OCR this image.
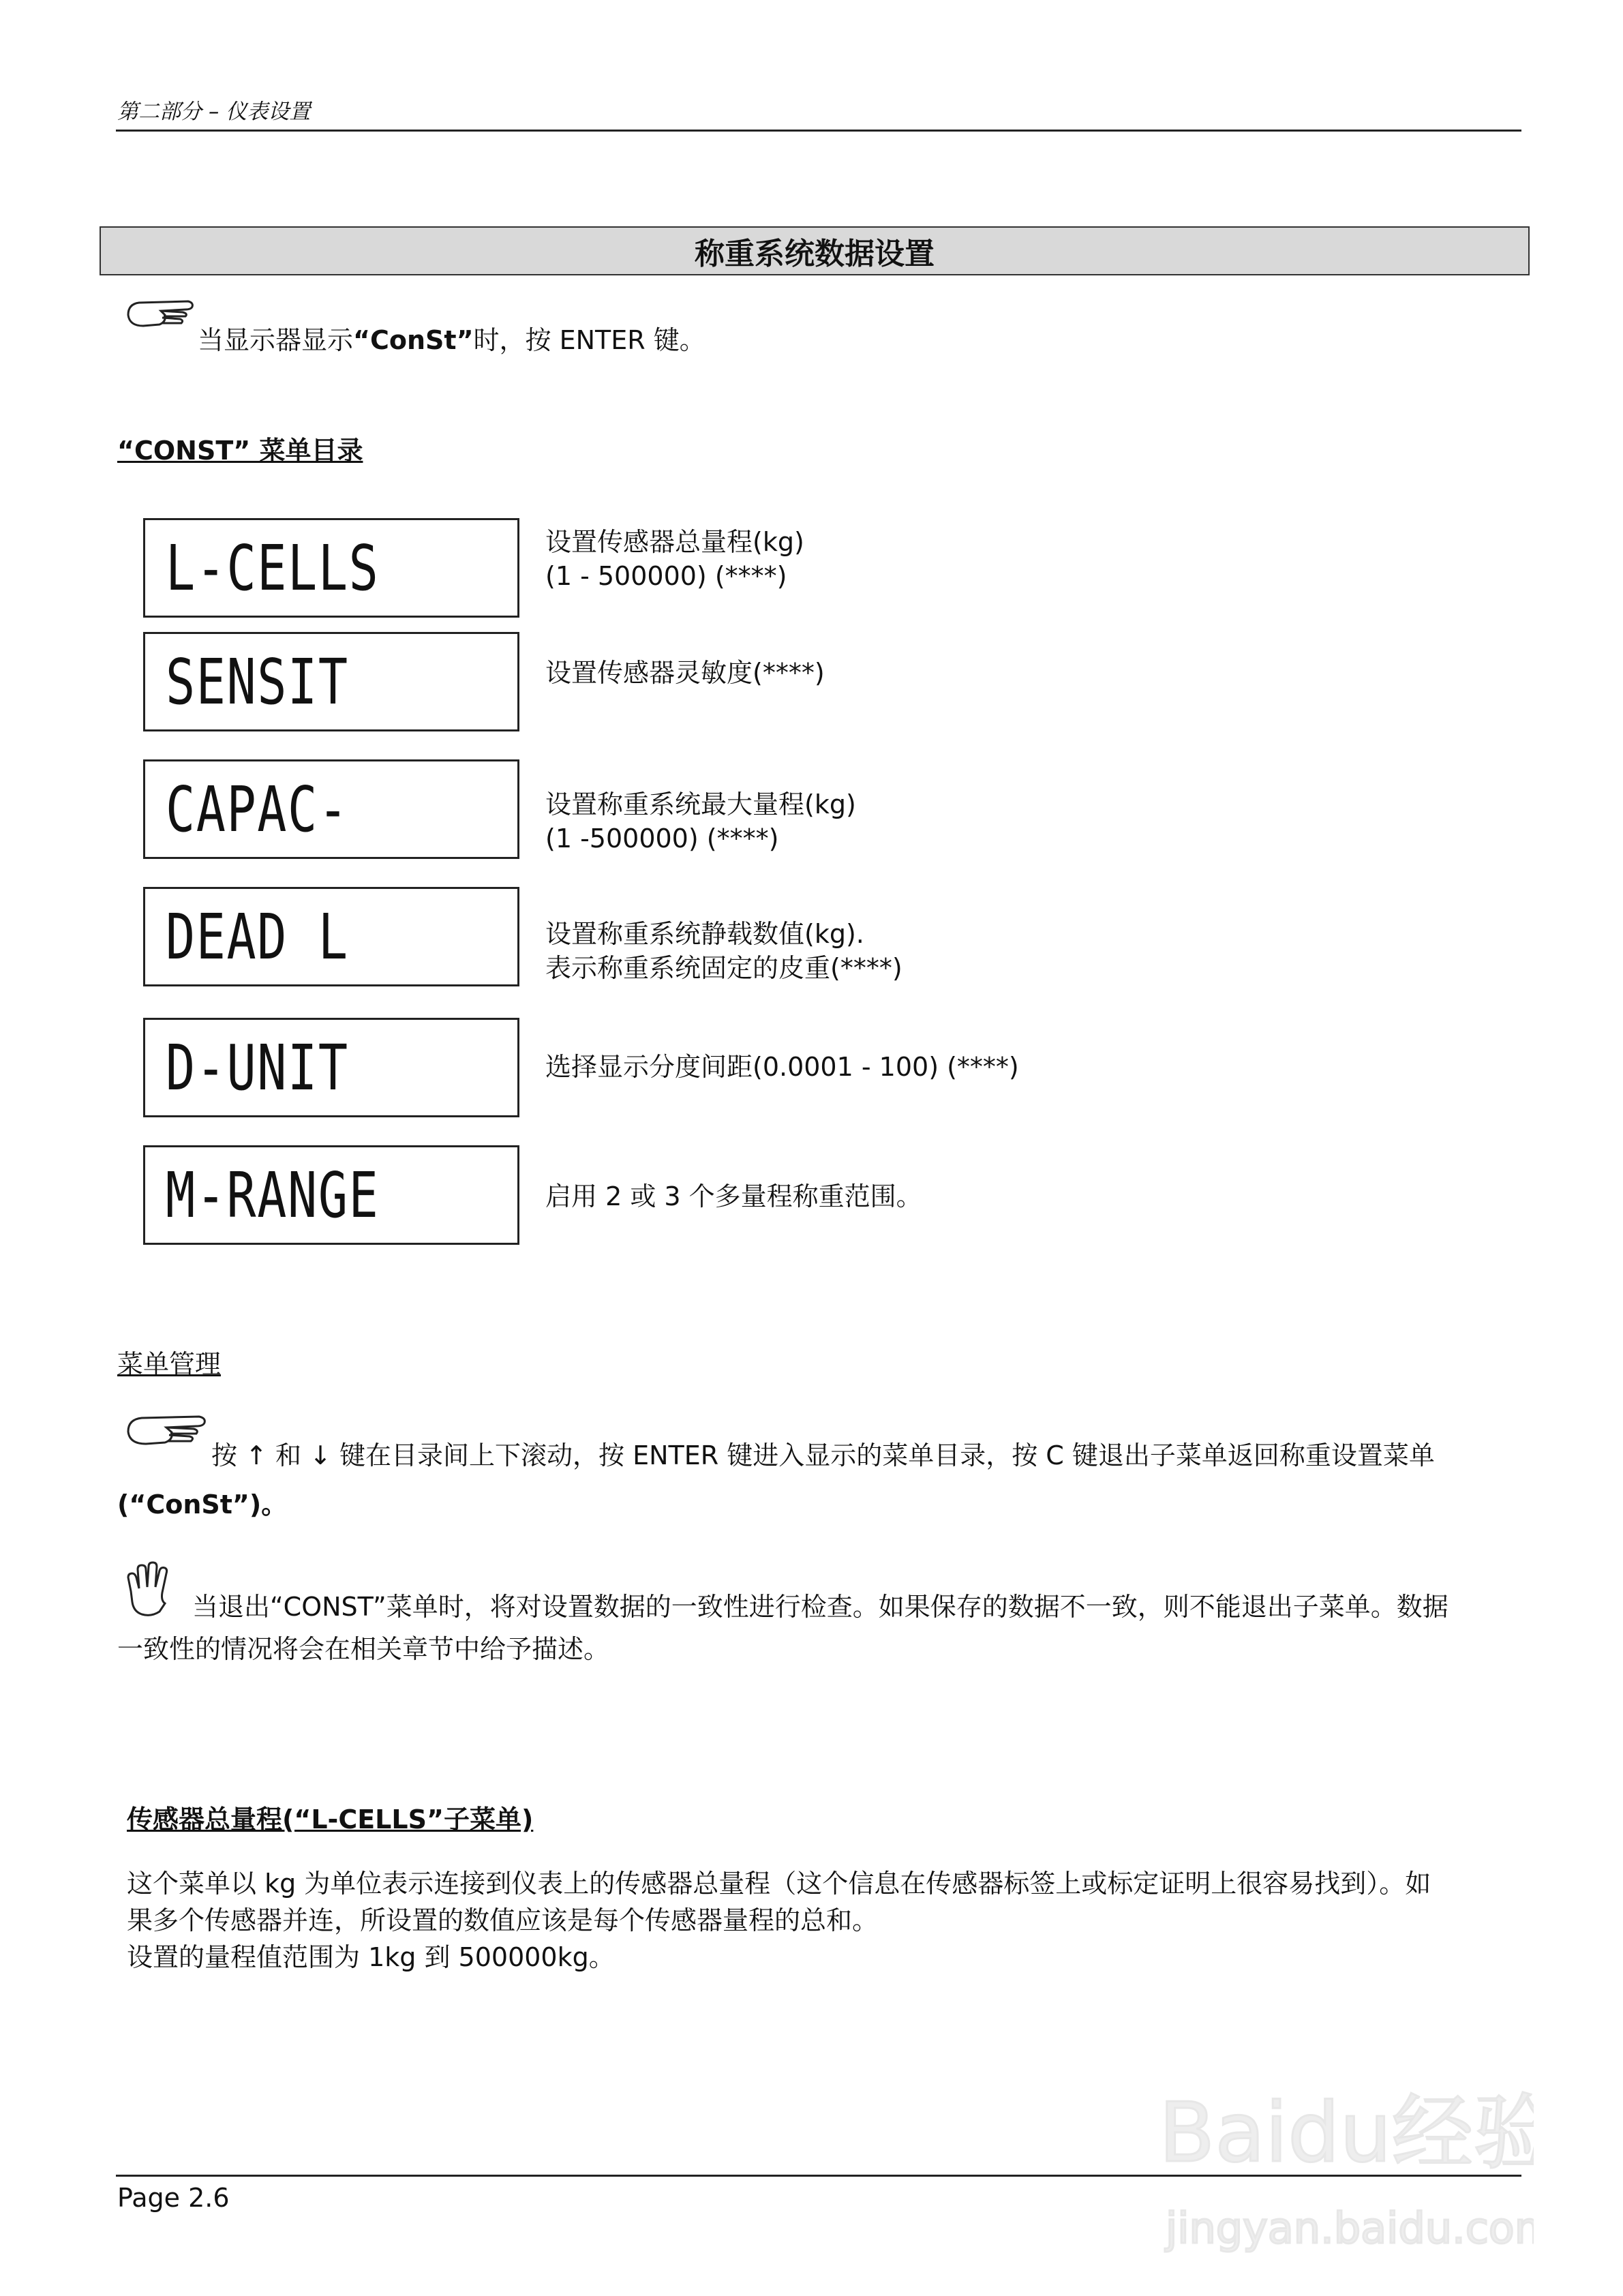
第二部分 – 仪表设置
称重系统数据设置
当显示器显示“ConSt”时，按 ENTER 键。
“CONST” 菜单目录
L-CELLS	设置传感器总量程(kg)
(1 - 500000) (****)
SENSIT	设置传感器灵敏度(****)
CAPAC-	设置称重系统最大量程(kg)
(1 -500000) (****)
DEAD L	设置称重系统静载数值(kg).
表示称重系统固定的皮重(****)
D-UNIT	选择显示分度间距(0.0001 - 100) (****)
M-RANGE	启用 2 或 3 个多量程称重范围。
菜单管理
按 ↑ 和 ↓ 键在目录间上下滚动，按 ENTER 键进入显示的菜单目录，按 C 键退出子菜单返回称重设置菜单
(“ConSt”)。
当退出“CONST”菜单时，将对设置数据的一致性进行检查。如果保存的数据不一致，则不能退出子菜单。数据
一致性的情况将会在相关章节中给予描述。
传感器总量程(“L-CELLS”子菜单)
这个菜单以 kg 为单位表示连接到仪表上的传感器总量程（这个信息在传感器标签上或标定证明上很容易找到）。如
果多个传感器并连，所设置的数值应该是每个传感器量程的总和。
设置的量程值范围为 1kg 到 500000kg。
Page 2.6
Baidu经验
jingyan.baidu.com
